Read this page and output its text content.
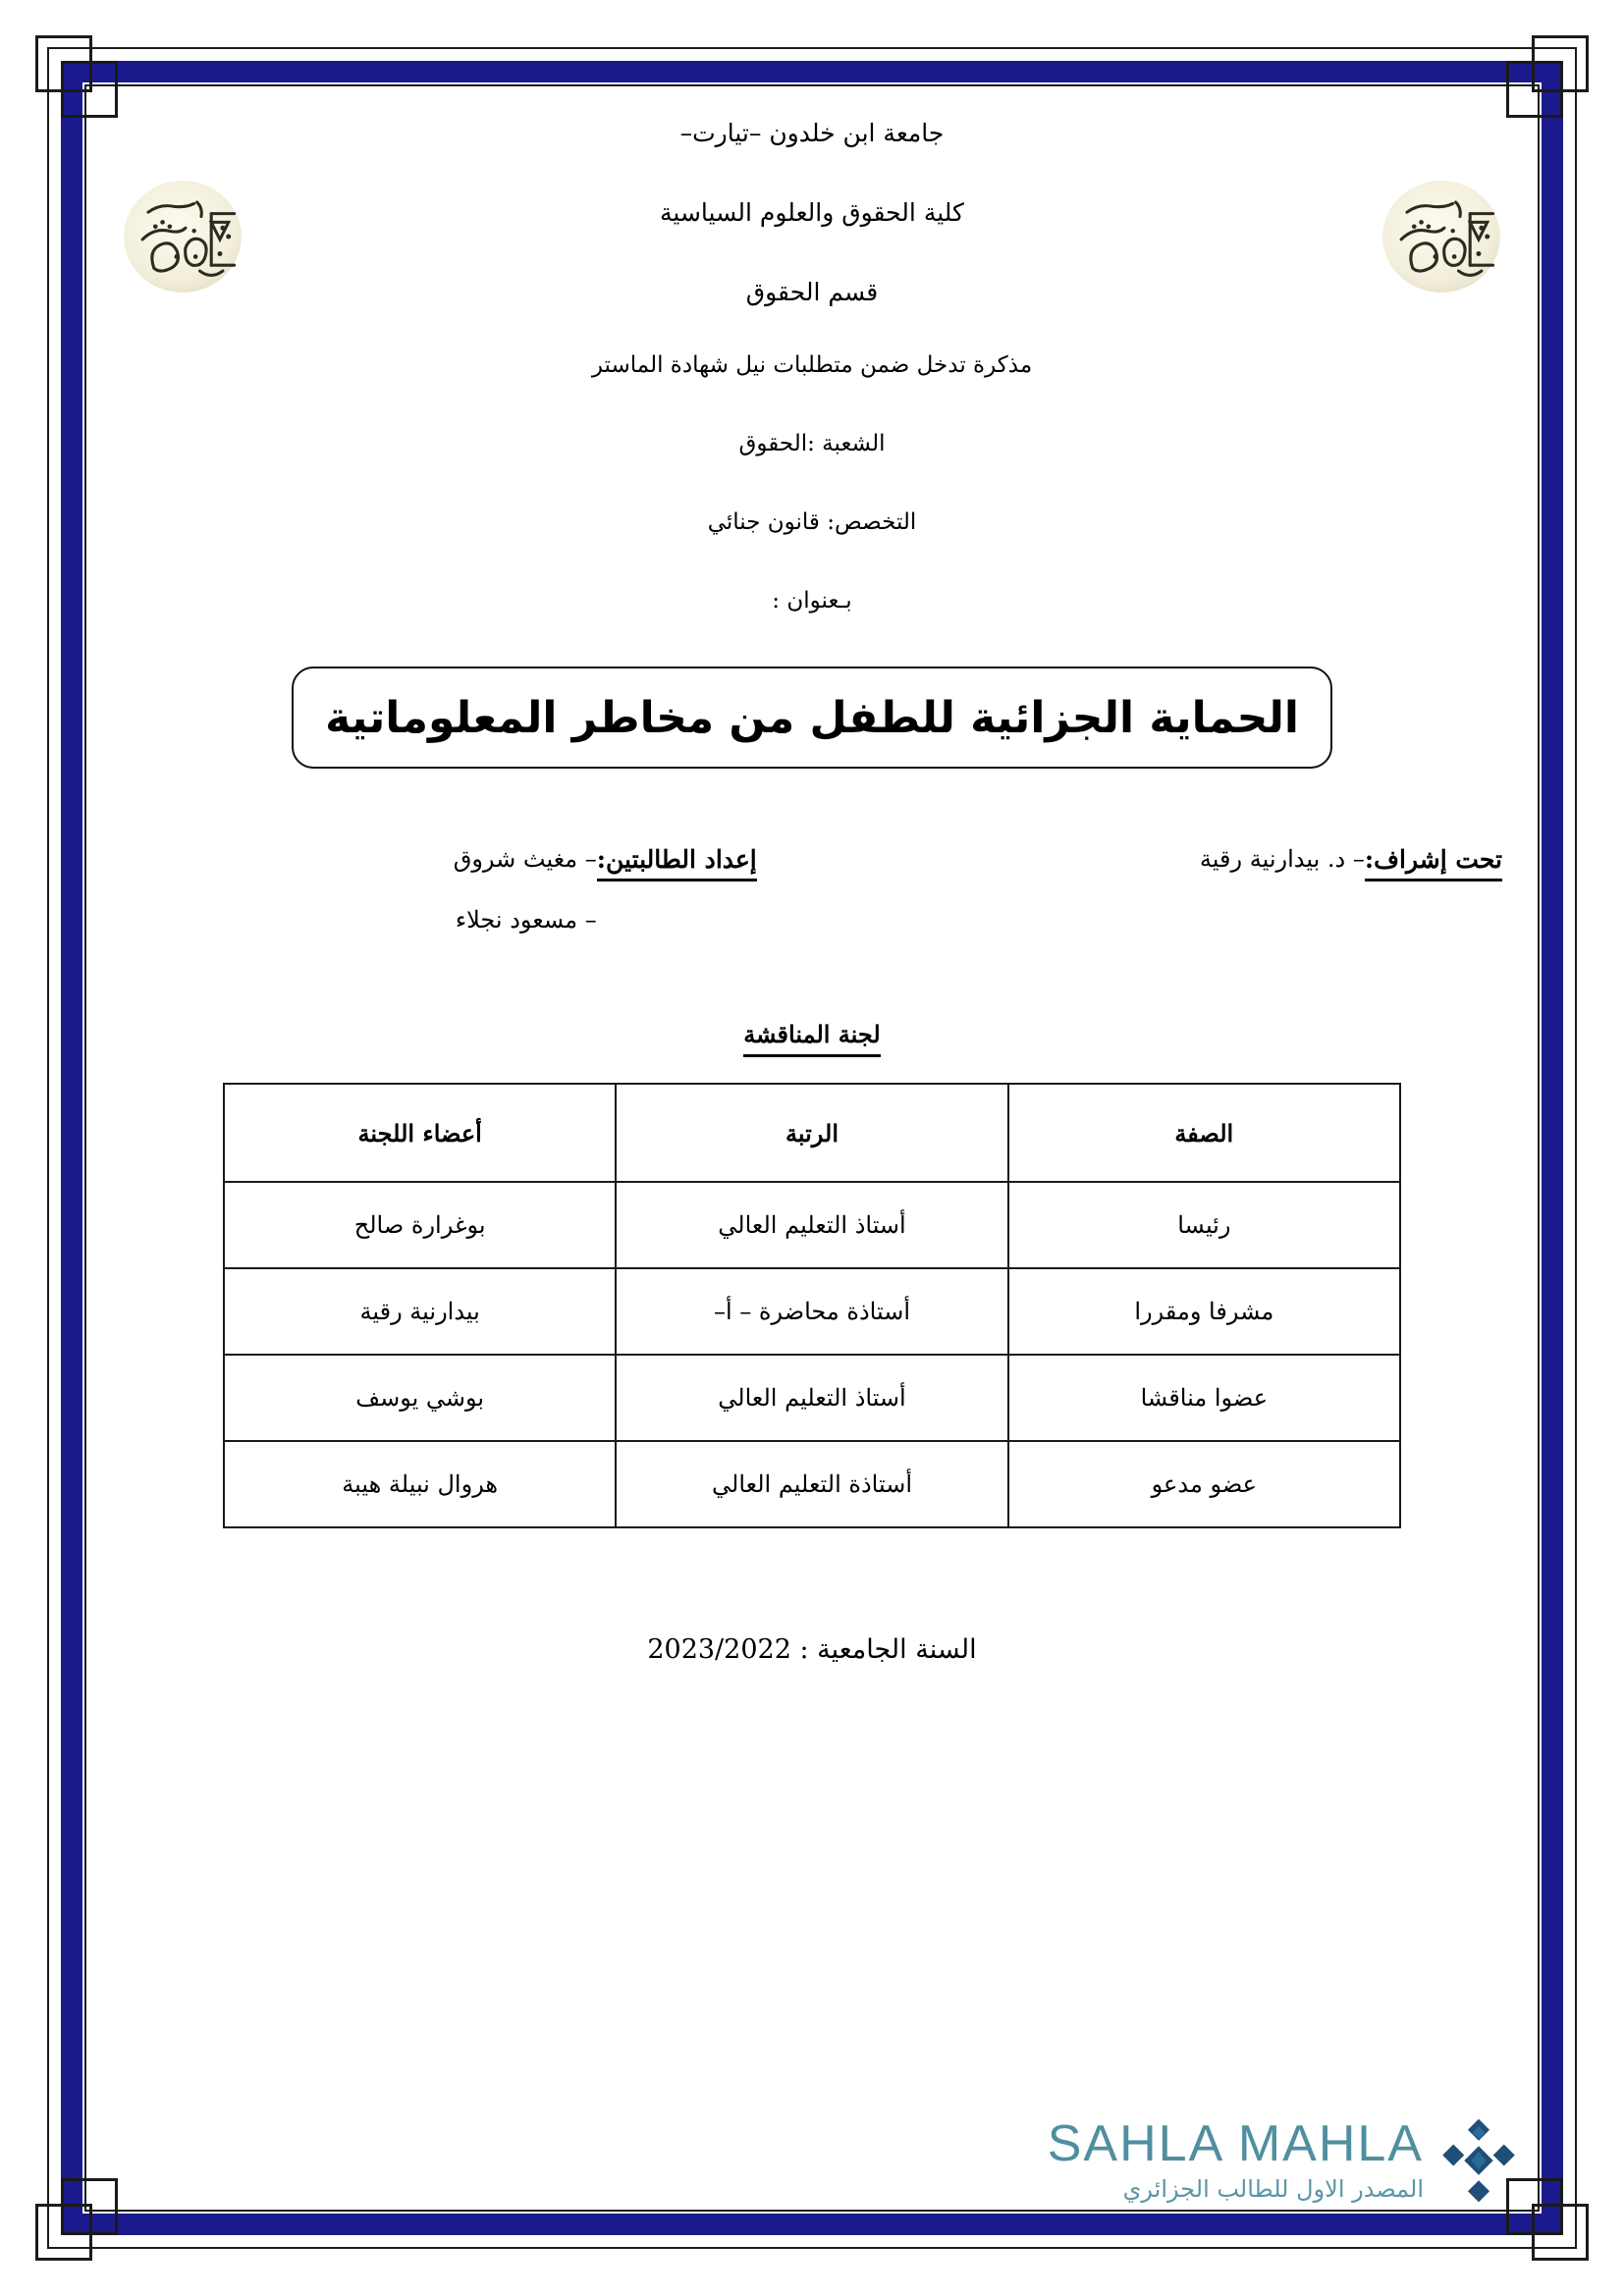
جامعة ابن خلدون –تيارت–

كلية الحقوق والعلوم السياسية

قسم الحقوق

مذكرة تدخل ضمن متطلبات نيل شهادة الماستر

الشعبة :الحقوق

التخصص: قانون جنائي

بـعنوان :

الحماية الجزائية للطفل من مخاطر المعلوماتية
تحت إشراف:
– د. بيدارنية رقية
إعداد الطالبتين:
– مغيث شروق
– مسعود نجلاء
لجنة المناقشة
الصفة	الرتبة	أعضاء اللجنة
رئيسا	أستاذ التعليم العالي	بوغرارة صالح
مشرفا ومقررا	أستاذة محاضرة – أ–	بيدارنية رقية
عضوا مناقشا	أستاذ التعليم العالي	بوشي يوسف
عضو مدعو	أستاذة التعليم العالي	هروال نبيلة هيبة
السنة الجامعية : 2023/2022
SAHLA MAHLA
المصدر الاول للطالب الجزائري
